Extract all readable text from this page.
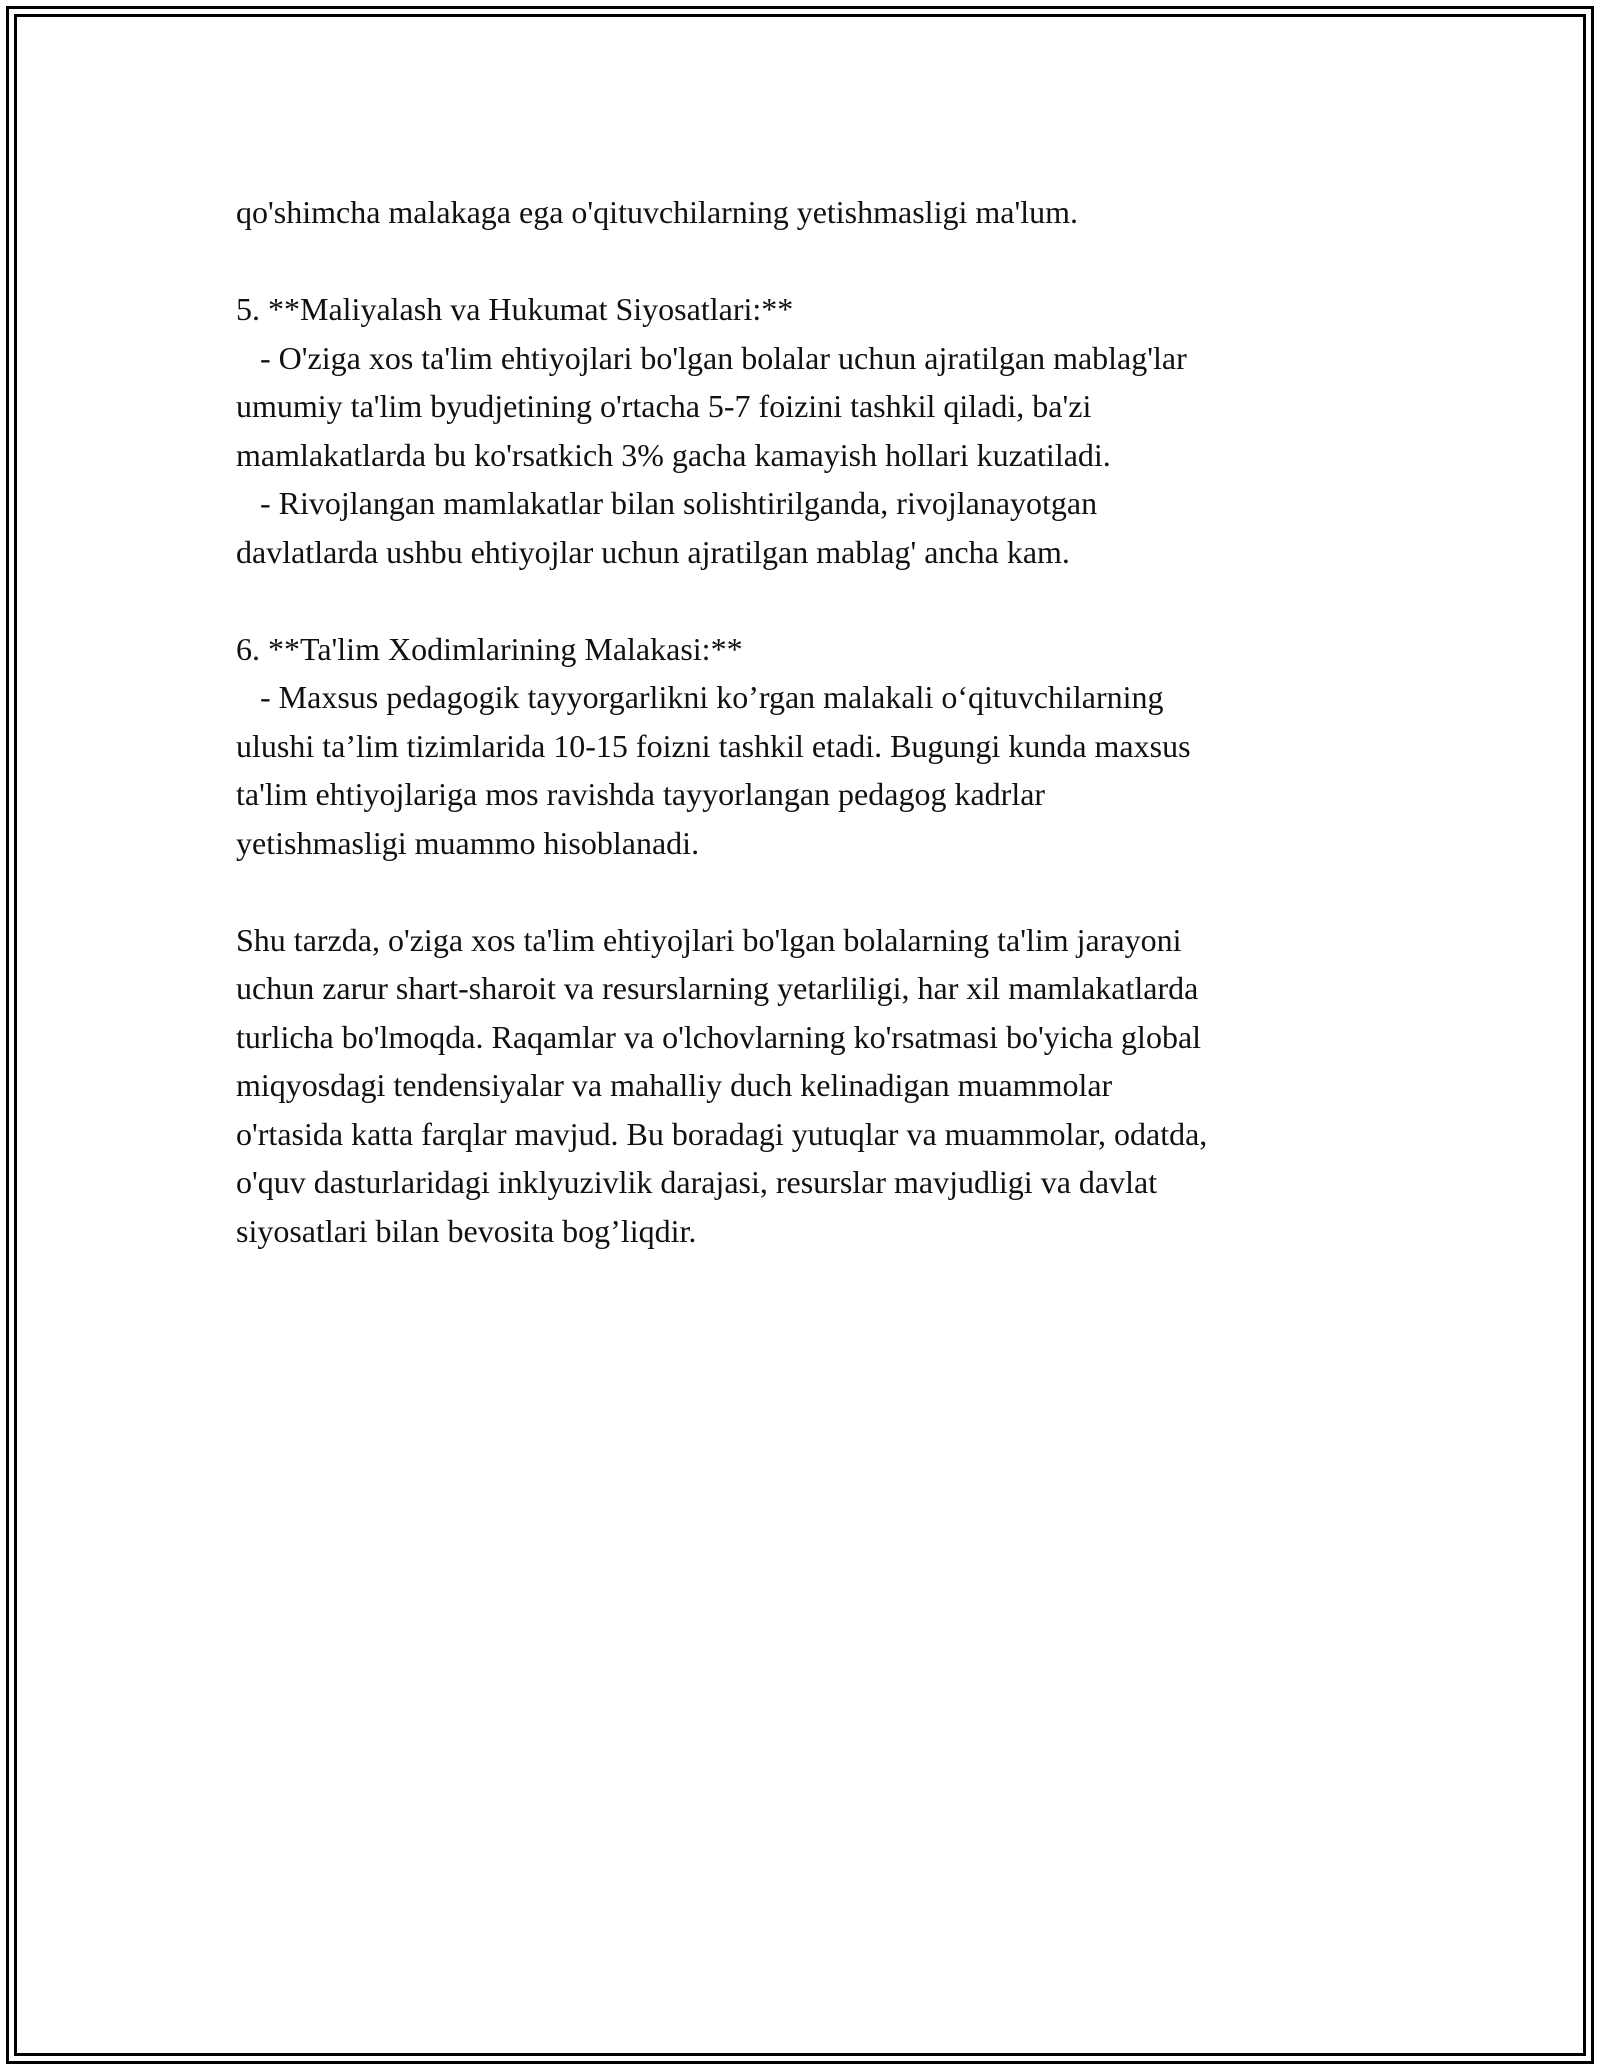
qo'shimcha malakaga ega o'qituvchilarning yetishmasligi ma'lum.

5. **Maliyalash va Hukumat Siyosatlari:**
- O'ziga xos ta'lim ehtiyojlari bo'lgan bolalar uchun ajratilgan mablag'lar
umumiy ta'lim byudjetining o'rtacha 5-7 foizini tashkil qiladi, ba'zi
mamlakatlarda bu ko'rsatkich 3% gacha kamayish hollari kuzatiladi.
- Rivojlangan mamlakatlar bilan solishtirilganda, rivojlanayotgan
davlatlarda ushbu ehtiyojlar uchun ajratilgan mablag' ancha kam.

6. **Ta'lim Xodimlarining Malakasi:**
- Maxsus pedagogik tayyorgarlikni ko’rgan malakali o‘qituvchilarning
ulushi ta’lim tizimlarida 10-15 foizni tashkil etadi. Bugungi kunda maxsus
ta'lim ehtiyojlariga mos ravishda tayyorlangan pedagog kadrlar
yetishmasligi muammo hisoblanadi.

Shu tarzda, o'ziga xos ta'lim ehtiyojlari bo'lgan bolalarning ta'lim jarayoni
uchun zarur shart-sharoit va resurslarning yetarliligi, har xil mamlakatlarda
turlicha bo'lmoqda. Raqamlar va o'lchovlarning ko'rsatmasi bo'yicha global
miqyosdagi tendensiyalar va mahalliy duch kelinadigan muammolar
o'rtasida katta farqlar mavjud. Bu boradagi yutuqlar va muammolar, odatda,
o'quv dasturlaridagi inklyuzivlik darajasi, resurslar mavjudligi va davlat
siyosatlari bilan bevosita bog’liqdir.
